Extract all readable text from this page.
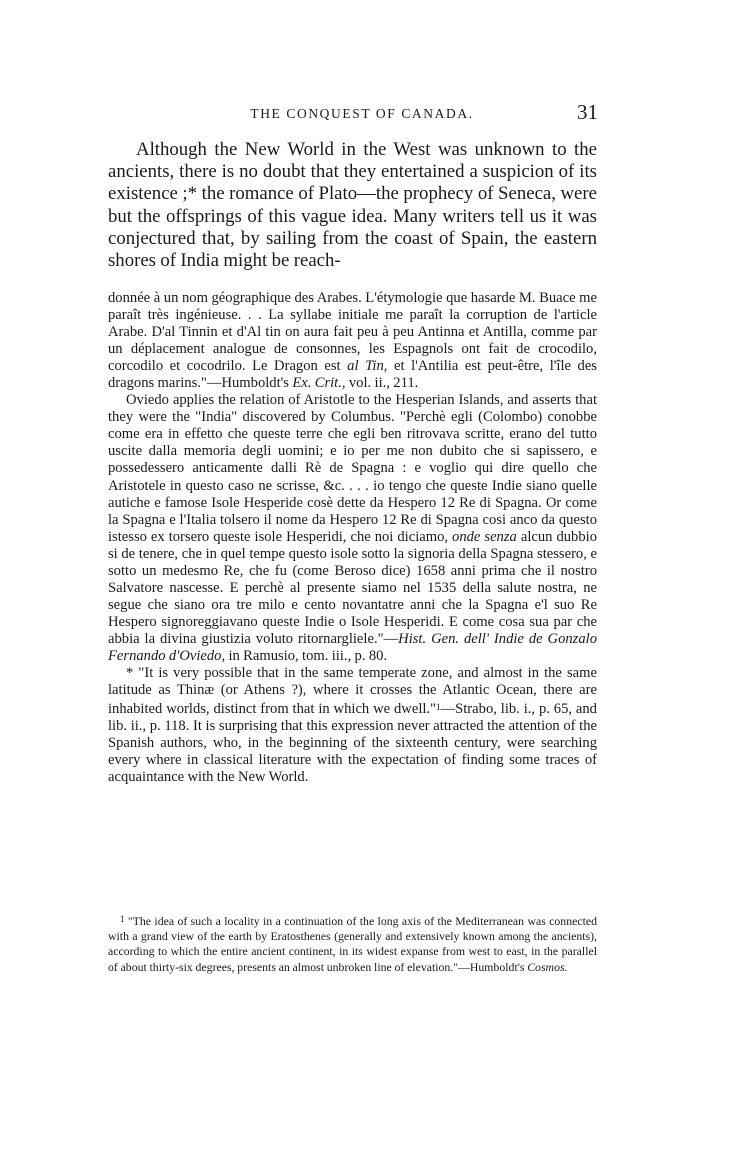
THE CONQUEST OF CANADA.	31

Although the New World in the West was unknown to the ancients, there is no doubt that they entertained a suspicion of its existence ;* the romance of Plato—the prophecy of Seneca, were but the offsprings of this vague idea. Many writers tell us it was conjectured that, by sailing from the coast of Spain, the eastern shores of India might be reach-

donnée à un nom géographique des Arabes. L'étymologie que hasarde M. Buace me paraît très ingénieuse. . . La syllabe initiale me paraît la corruption de l'article Arabe. D'al Tinnin et d'Al tin on aura fait peu à peu Antinna et Antilla, comme par un déplacement analogue de consonnes, les Espagnols ont fait de crocodilo, corcodilo et cocodrilo. Le Dragon est al Tin, et l'Antilia est peut-être, l'île des dragons marins."—Humboldt's Ex. Crit., vol. ii., 211.

Oviedo applies the relation of Aristotle to the Hesperian Islands, and asserts that they were the "India" discovered by Columbus. "Perchè egli (Colombo) conobbe come era in effetto che queste terre che egli ben ritrovava scritte, erano del tutto uscite dalla memoria degli uomini; e io per me non dubito che si sapissero, e possedessero anticamente dalli Rè de Spagna : e voglio qui dire quello che Aristotele in questo caso ne scrisse, &c. . . . io tengo che queste Indie siano quelle autiche e famose Isole Hesperide cosè dette da Hespero 12 Re di Spagna. Or come la Spagna e l'Italia tolsero il nome da Hespero 12 Re di Spagna cosi anco da questo istesso ex torsero queste isole Hesperidi, che noi diciamo, onde senza alcun dubbio si de tenere, che in quel tempe questo isole sotto la signoria della Spagna stessero, e sotto un medesmo Re, che fu (come Beroso dice) 1658 anni prima che il nostro Salvatore nascesse. E perchè al presente siamo nel 1535 della salute nostra, ne segue che siano ora tre milo e cento novantatre anni che la Spagna e'l suo Re Hespero signoreggiavano queste Indie o Isole Hesperidi. E come cosa sua par che abbia la divina giustizia voluto ritornargliele."—Hist. Gen. dell' Indie de Gonzalo Fernando d'Oviedo, in Ramusio, tom. iii., p. 80.

* "It is very possible that in the same temperate zone, and almost in the same latitude as Thinæ (or Athens ?), where it crosses the Atlantic Ocean, there are inhabited worlds, distinct from that in which we dwell."$^1$—Strabo, lib. i., p. 65, and lib. ii., p. 118. It is surprising that this expression never attracted the attention of the Spanish authors, who, in the beginning of the sixteenth century, were searching every where in classical literature with the expectation of finding some traces of acquaintance with the New World.

$^1$ "The idea of such a locality in a continuation of the long axis of the Mediterranean was connected with a grand view of the earth by Eratosthenes (generally and extensively known among the ancients), according to which the entire ancient continent, in its widest expanse from west to east, in the parallel of about thirty-six degrees, presents an almost unbroken line of elevation."—Humboldt's Cosmos.
